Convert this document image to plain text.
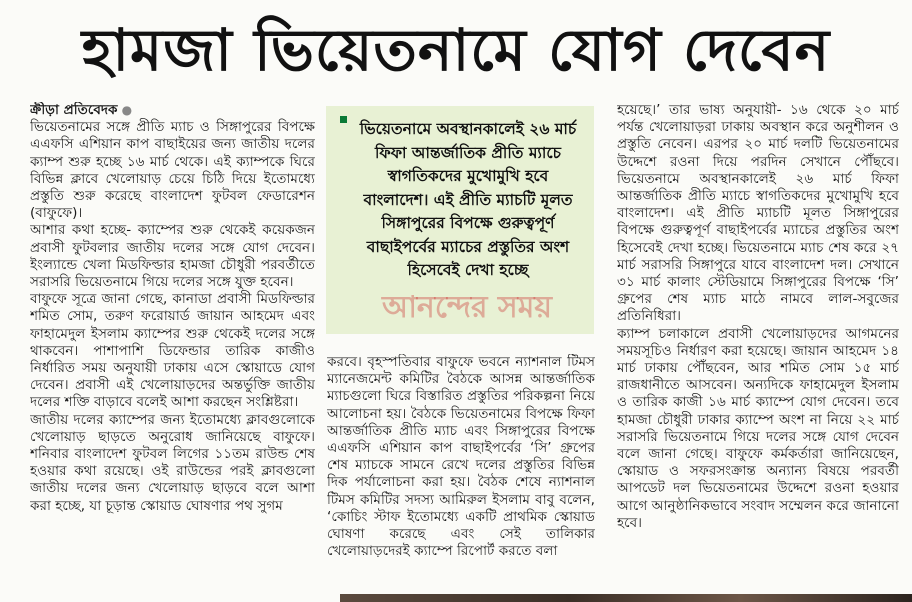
হামজা ভিয়েতনামে যোগ দেবেন

ক্রীড়া প্রতিবেদক ●

ভিয়েতনামের সঙ্গে প্রীতি ম্যাচ ও সিঙ্গাপুরের বিপক্ষে এএফসি এশিয়ান কাপ বাছাইয়ের জন্য জাতীয় দলের ক্যাম্প শুরু হচ্ছে ১৬ মার্চ থেকে। এই ক্যাম্পকে ঘিরে বিভিন্ন ক্লাবে খেলোয়াড় চেয়ে চিঠি দিয়ে ইতোমধ্যে প্রস্তুতি শুরু করেছে বাংলাদেশ ফুটবল ফেডারেশন (বাফুফে)।

আশার কথা হচ্ছে- ক্যাম্পের শুরু থেকেই কয়েকজন প্রবাসী ফুটবলার জাতীয় দলের সঙ্গে যোগ দেবেন। ইংল্যান্ডে খেলা মিডফিল্ডার হামজা চৌধুরী পরবর্তীতে সরাসরি ভিয়েতনামে গিয়ে দলের সঙ্গে যুক্ত হবেন।

বাফুফে সূত্রে জানা গেছে, কানাডা প্রবাসী মিডফিল্ডার শমিত সোম, তরুণ ফরোয়ার্ড জায়ান আহমেদ এবং ফাহামেদুল ইসলাম ক্যাম্পের শুরু থেকেই দলের সঙ্গে থাকবেন। পাশাপাশি ডিফেন্ডার তারিক কাজীও নির্ধারিত সময় অনুযায়ী ঢাকায় এসে স্কোয়াডে যোগ দেবেন। প্রবাসী এই খেলোয়াড়দের অন্তর্ভুক্তি জাতীয় দলের শক্তি বাড়াবে বলেই আশা করছেন সংশ্লিষ্টরা।

জাতীয় দলের ক্যাম্পের জন্য ইতোমধ্যে ক্লাবগুলোকে খেলোয়াড় ছাড়তে অনুরোধ জানিয়েছে বাফুফে। শনিবার বাংলাদেশ ফুটবল লিগের ১১তম রাউন্ড শেষ হওয়ার কথা রয়েছে। ওই রাউন্ডের পরই ক্লাবগুলো জাতীয় দলের জন্য খেলোয়াড় ছাড়বে বলে আশা করা হচ্ছে, যা চূড়ান্ত স্কোয়াড ঘোষণার পথ সুগম

ভিয়েতনামে অবস্থানকালেই ২৬ মার্চ ফিফা আন্তর্জাতিক প্রীতি ম্যাচে স্বাগতিকদের মুখোমুখি হবে বাংলাদেশ। এই প্রীতি ম্যাচটি মূলত সিঙ্গাপুরের বিপক্ষে গুরুত্বপূর্ণ বাছাইপর্বের ম্যাচের প্রস্তুতির অংশ হিসেবেই দেখা হচ্ছে
আনন্দের সময়

করবে। বৃহস্পতিবার বাফুফে ভবনে ন্যাশনাল টিমস ম্যানেজমেন্ট কমিটির বৈঠকে আসন্ন আন্তর্জাতিক ম্যাচগুলো ঘিরে বিস্তারিত প্রস্তুতির পরিকল্পনা নিয়ে আলোচনা হয়। বৈঠকে ভিয়েতনামের বিপক্ষে ফিফা আন্তর্জাতিক প্রীতি ম্যাচ এবং সিঙ্গাপুরের বিপক্ষে এএফসি এশিয়ান কাপ বাছাইপর্বের ‘সি’ গ্রুপের শেষ ম্যাচকে সামনে রেখে দলের প্রস্তুতির বিভিন্ন দিক পর্যালোচনা করা হয়। বৈঠক শেষে ন্যাশনাল টিমস কমিটির সদস্য আমিরুল ইসলাম বাবু বলেন, ‘কোচিং স্টাফ ইতোমধ্যে একটি প্রাথমিক স্কোয়াড ঘোষণা করেছে এবং সেই তালিকার খেলোয়াড়দেরই ক্যাম্পে রিপোর্ট করতে বলা

হয়েছে।’ তার ভাষ্য অনুযায়ী- ১৬ থেকে ২০ মার্চ পর্যন্ত খেলোয়াড়রা ঢাকায় অবস্থান করে অনুশীলন ও প্রস্তুতি নেবেন। এরপর ২০ মার্চ দলটি ভিয়েতনামের উদ্দেশে রওনা দিয়ে পরদিন সেখানে পৌঁছবে। ভিয়েতনামে অবস্থানকালেই ২৬ মার্চ ফিফা আন্তর্জাতিক প্রীতি ম্যাচে স্বাগতিকদের মুখোমুখি হবে বাংলাদেশ। এই প্রীতি ম্যাচটি মূলত সিঙ্গাপুরের বিপক্ষে গুরুত্বপূর্ণ বাছাইপর্বের ম্যাচের প্রস্তুতির অংশ হিসেবেই দেখা হচ্ছে। ভিয়েতনামে ম্যাচ শেষ করে ২৭ মার্চ সরাসরি সিঙ্গাপুরে যাবে বাংলাদেশ দল। সেখানে ৩১ মার্চ কালাং স্টেডিয়ামে সিঙ্গাপুরের বিপক্ষে ‘সি’ গ্রুপের শেষ ম্যাচ মাঠে নামবে লাল-সবুজের প্রতিনিধিরা।

ক্যাম্প চলাকালে প্রবাসী খেলোয়াড়দের আগমনের সময়সূচিও নির্ধারণ করা হয়েছে। জায়ান আহমেদ ১৪ মার্চ ঢাকায় পৌঁছবেন, আর শমিত সোম ১৫ মার্চ রাজধানীতে আসবেন। অন্যদিকে ফাহামেদুল ইসলাম ও তারিক কাজী ১৬ মার্চ ক্যাম্পে যোগ দেবেন। তবে হামজা চৌধুরী ঢাকার ক্যাম্পে অংশ না নিয়ে ২২ মার্চ সরাসরি ভিয়েতনামে গিয়ে দলের সঙ্গে যোগ দেবেন বলে জানা গেছে। বাফুফে কর্মকর্তারা জানিয়েছেন, স্কোয়াড ও সফরসংক্রান্ত অন্যান্য বিষয়ে পরবর্তী আপডেট দল ভিয়েতনামের উদ্দেশে রওনা হওয়ার আগে আনুষ্ঠানিকভাবে সংবাদ সম্মেলন করে জানানো হবে।
